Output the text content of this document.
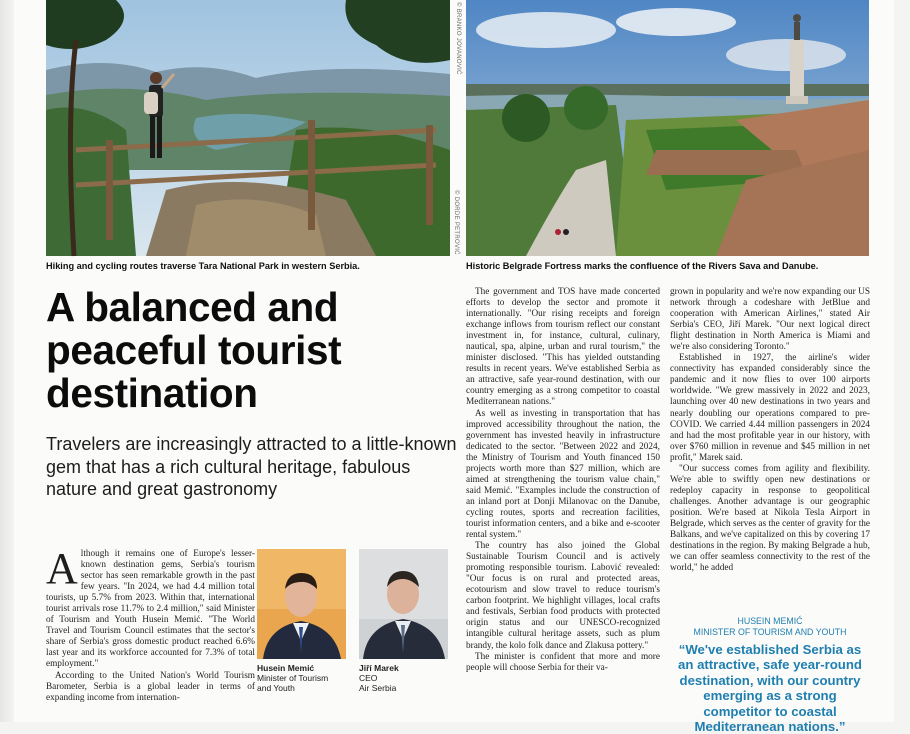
© DORDE PETROVIĆ
© BRANKO JOVANOVIĆ
Hiking and cycling routes traverse Tara National Park in western Serbia.	Historic Belgrade Fortress marks the confluence of the Rivers Sava and Danube.
A balanced and peaceful tourist destination
Travelers are increasingly attracted to a little-known gem that has a rich cultural heritage, fabulous nature and great gastronomy

Although it remains one of Europe's lesser-known destination gems, Serbia's tourism sector has seen remarkable growth in the past few years. "In 2024, we had 4.4 million total tourists, up 5.7% from 2023. Within that, international tourist arrivals rose 11.7% to 2.4 million," said Minister of Tourism and Youth Husein Memić. "The World Travel and Tourism Council estimates that the sector's share of Serbia's gross domestic product reached 6.6% last year and its workforce accounted for 7.3% of total employment."

According to the United Nation's World Tourism Barometer, Serbia is a global leader in terms of expanding income from internation-

Husein Memić
Minister of Tourism
and Youth
Jiří Marek
CEO
Air Serbia

The government and TOS have made concerted efforts to develop the sector and promote it internationally. "Our rising receipts and foreign exchange inflows from tourism reflect our constant investment in, for instance, cultural, culinary, nautical, spa, alpine, urban and rural tourism," the minister disclosed. "This has yielded outstanding results in recent years. We've established Serbia as an attractive, safe year-round destination, with our country emerging as a strong competitor to coastal Mediterranean nations."

As well as investing in transportation that has improved accessibility throughout the nation, the government has invested heavily in infrastructure dedicated to the sector. "Between 2022 and 2024, the Ministry of Tourism and Youth financed 150 projects worth more than $27 million, which are aimed at strengthening the tourism value chain," said Memić. "Examples include the construction of an inland port at Donji Milanovac on the Danube, cycling routes, sports and recreation facilities, tourist information centers, and a bike and e-scooter rental system."

The country has also joined the Global Sustainable Tourism Council and is actively promoting responsible tourism. Labović revealed: "Our focus is on rural and protected areas, ecotourism and slow travel to reduce tourism's carbon footprint. We highlight villages, local crafts and festivals, Serbian food products with protected origin status and our UNESCO-recognized intangible cultural heritage assets, such as plum brandy, the kolo folk dance and Zlakusa pottery."

The minister is confident that more and more people will choose Serbia for their va-

grown in popularity and we're now expanding our US network through a codeshare with JetBlue and cooperation with American Airlines," stated Air Serbia's CEO, Jiří Marek. "Our next logical direct flight destination in North America is Miami and we're also considering Toronto."

Established in 1927, the airline's wider connectivity has expanded considerably since the pandemic and it now flies to over 100 airports worldwide. "We grew massively in 2022 and 2023, launching over 40 new destinations in two years and nearly doubling our operations compared to pre-COVID. We carried 4.44 million passengers in 2024 and had the most profitable year in our history, with over $760 million in revenue and $45 million in net profit," Marek said.

"Our success comes from agility and flexibility. We're able to swiftly open new destinations or redeploy capacity in response to geopolitical challenges. Another advantage is our geographic position. We're based at Nikola Tesla Airport in Belgrade, which serves as the center of gravity for the Balkans, and we've capitalized on this by covering 17 destinations in the region. By making Belgrade a hub, we can offer seamless connectivity to the rest of the world," he added

HUSEIN MEMIĆ
MINISTER OF TOURISM AND YOUTH
“We've established Serbia as an attractive, safe year-round destination, with our country emerging as a strong competitor to coastal Mediterranean nations.”
